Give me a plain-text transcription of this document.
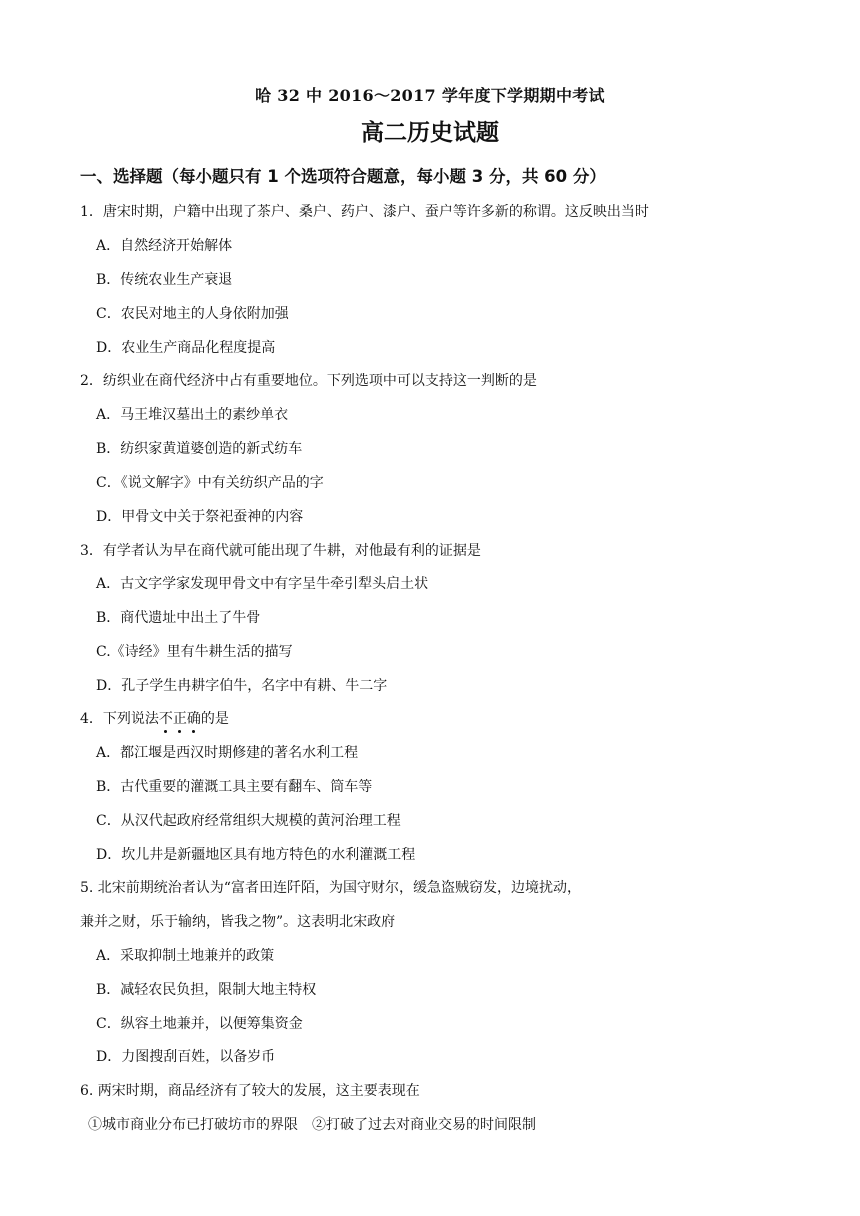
哈 32 中 2016～2017 学年度下学期期中考试
高二历史试题
一、选择题（每小题只有 1 个选项符合题意，每小题 3 分，共 60 分）
1．唐宋时期，户籍中出现了茶户、桑户、药户、漆户、蚕户等许多新的称谓。这反映出当时
A．自然经济开始解体
B．传统农业生产衰退
C．农民对地主的人身依附加强
D．农业生产商品化程度提高
2．纺织业在商代经济中占有重要地位。下列选项中可以支持这一判断的是
A．马王堆汉墓出土的素纱单衣
B．纺织家黄道婆创造的新式纺车
C．《说文解字》中有关纺织产品的字
D．甲骨文中关于祭祀蚕神的内容
3．有学者认为早在商代就可能出现了牛耕，对他最有利的证据是
A．古文字学家发现甲骨文中有字呈牛牵引犁头启土状
B．商代遗址中出土了牛骨
C.《诗经》里有牛耕生活的描写
D．孔子学生冉耕字伯牛，名字中有耕、牛二字
4．下列说法不正确的是
A．都江堰是西汉时期修建的著名水利工程
B．古代重要的灌溉工具主要有翻车、筒车等
C．从汉代起政府经常组织大规模的黄河治理工程
D．坎儿井是新疆地区具有地方特色的水利灌溉工程
5. 北宋前期统治者认为“富者田连阡陌，为国守财尔，缓急盗贼窃发，边境扰动，
兼并之财，乐于输纳，皆我之物”。这表明北宋政府
A．采取抑制土地兼并的政策
B．减轻农民负担，限制大地主特权
C．纵容土地兼并，以便筹集资金
D．力图搜刮百姓，以备岁币
6. 两宋时期，商品经济有了较大的发展，这主要表现在
①城市商业分布已打破坊市的界限　②打破了过去对商业交易的时间限制
